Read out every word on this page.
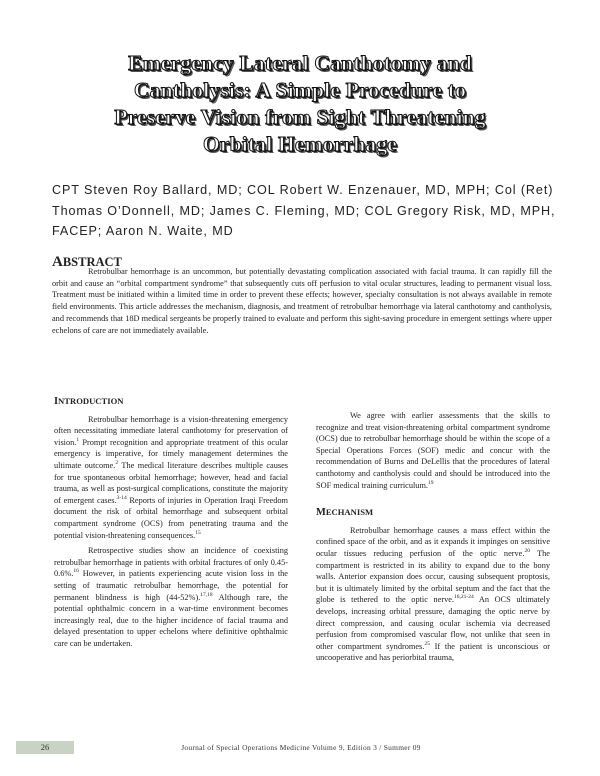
Emergency Lateral Canthotomy and
Cantholysis: A Simple Procedure to
Preserve Vision from Sight Threatening
Orbital Hemorrhage
CPT Steven Roy Ballard, MD; COL Robert W. Enzenauer, MD, MPH; Col (Ret) Thomas O’Donnell, MD; James C. Fleming, MD; COL Gregory Risk, MD, MPH, FACEP; Aaron N. Waite, MD
ABSTRACT
Retrobulbar hemorrhage is an uncommon, but potentially devastating complication associated with facial trauma. It can rapidly fill the orbit and cause an “orbital compartment syndrome” that subsequently cuts off perfusion to vital ocular structures, leading to permanent visual loss. Treatment must be initiated within a limited time in order to prevent these effects; however, specialty consultation is not always available in remote field environments. This article addresses the mechanism, diagnosis, and treatment of retrobulbar hemorrhage via lateral canthotomy and cantholysis, and recommends that 18D medical sergeants be properly trained to evaluate and perform this sight-saving procedure in emergent settings where upper echelons of care are not immediately available.
INTRODUCTION

Retrobulbar hemorrhage is a vision-threatening emergency often necessitating immediate lateral canthotomy for preservation of vision.$^1$ Prompt recognition and appropriate treatment of this ocular emergency is imperative, for timely management determines the ultimate outcome.$^2$ The medical literature describes multiple causes for true spontaneous orbital hemorrhage; however, head and facial trauma, as well as post-surgical complications, constitute the majority of emergent cases.$^{3-14}$ Reports of injuries in Operation Iraqi Freedom document the risk of orbital hemorrhage and subsequent orbital compartment syndrome (OCS) from penetrating trauma and the potential vision-threatening consequences.$^{15}$

Retrospective studies show an incidence of coexisting retrobulbar hemorrhage in patients with orbital fractures of only 0.45-0.6%.$^{16}$ However, in patients experiencing acute vision loss in the setting of traumatic retrobulbar hemorrhage, the potential for permanent blindness is high (44-52%).$^{17,18}$ Although rare, the potential ophthalmic concern in a war-time environment becomes increasingly real, due to the higher incidence of facial trauma and delayed presentation to upper echelons where definitive ophthalmic care can be undertaken.

We agree with earlier assessments that the skills to recognize and treat vision-threatening orbital compartment syndrome (OCS) due to retrobulbar hemorrhage should be within the scope of a Special Operations Forces (SOF) medic and concur with the recommendation of Burns and DeLellis that the procedures of lateral canthotomy and cantholysis could and should be introduced into the SOF medical training curriculum.$^{19}$

MECHANISM

Retrobulbar hemorrhage causes a mass effect within the confined space of the orbit, and as it expands it impinges on sensitive ocular tissues reducing perfusion of the optic nerve.$^{20}$ The compartment is restricted in its ability to expand due to the bony walls. Anterior expansion does occur, causing subsequent proptosis, but it is ultimately limited by the orbital septum and the fact that the globe is tethered to the optic nerve.$^{16,21-24}$ An OCS ultimately develops, increasing orbital pressure, damaging the optic nerve by direct compression, and causing ocular ischemia via decreased perfusion from compromised vascular flow, not unlike that seen in other compartment syndromes.$^{25}$ If the patient is unconscious or uncooperative and has periorbital trauma,

26	Journal of Special Operations Medicine Volume 9, Edition 3 / Summer 09
